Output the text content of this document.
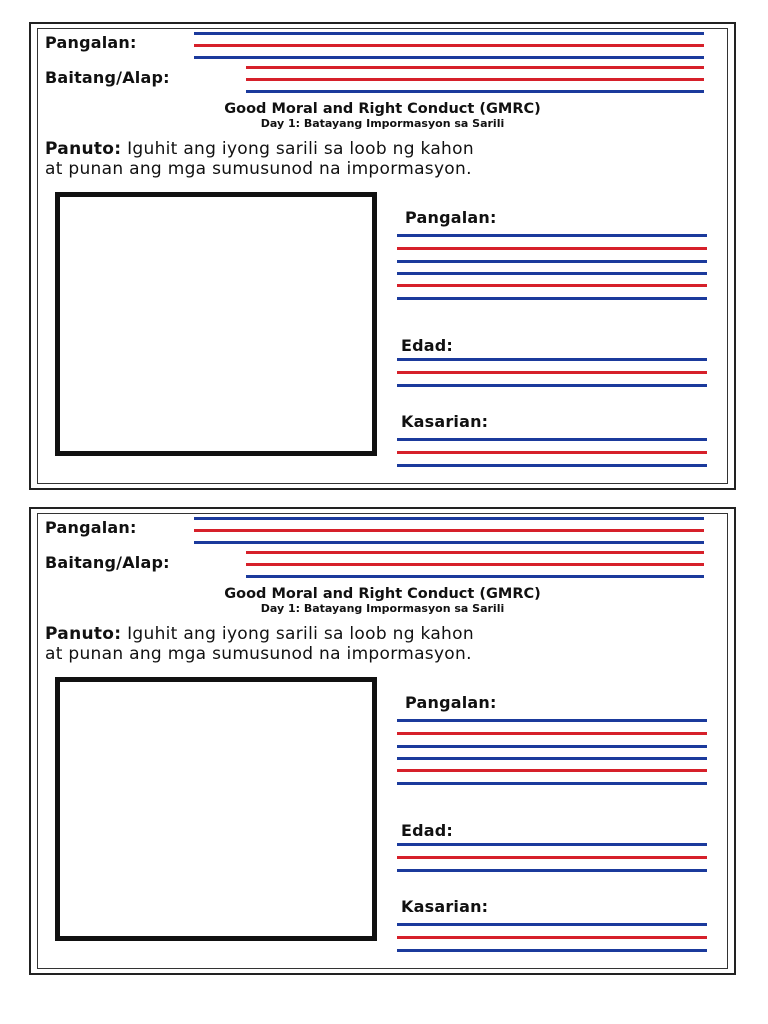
Pangalan:
Baitang/Alap:
Good Moral and Right Conduct (GMRC)
Day 1: Batayang Impormasyon sa Sarili
Panuto: Iguhit ang iyong sarili sa loob ng kahon
at punan ang mga sumusunod na impormasyon.
Pangalan:
Edad:
Kasarian:
Pangalan:
Baitang/Alap:
Good Moral and Right Conduct (GMRC)
Day 1: Batayang Impormasyon sa Sarili
Panuto: Iguhit ang iyong sarili sa loob ng kahon
at punan ang mga sumusunod na impormasyon.
Pangalan:
Edad:
Kasarian:
